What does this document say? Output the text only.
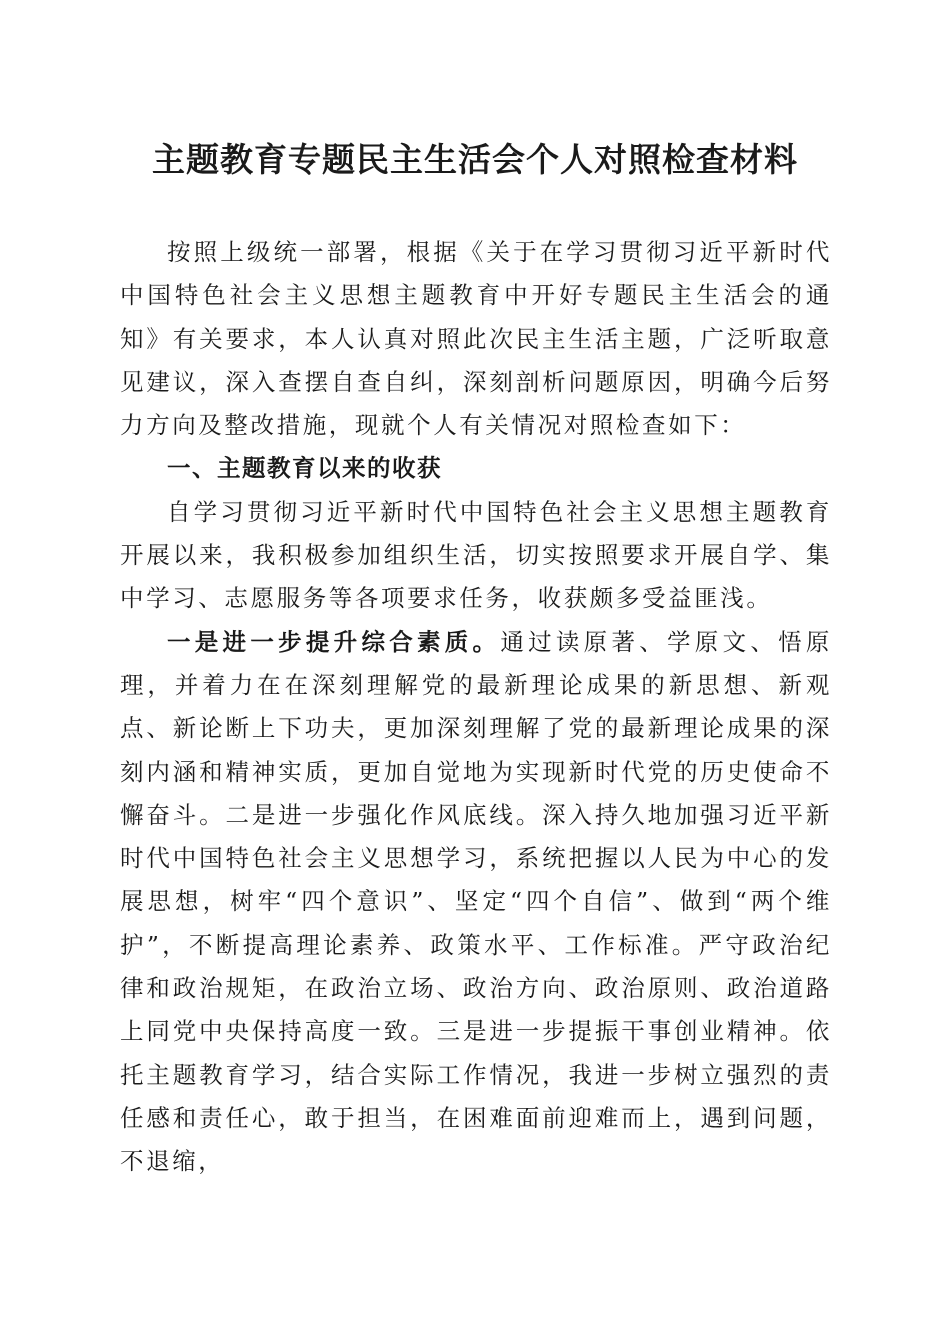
主题教育专题民主生活会个人对照检查材料

按照上级统一部署，根据《关于在学习贯彻习近平新时代中国特色社会主义思想主题教育中开好专题民主生活会的通知》有关要求，本人认真对照此次民主生活主题，广泛听取意见建议，深入查摆自查自纠，深刻剖析问题原因，明确今后努力方向及整改措施，现就个人有关情况对照检查如下：

一、主题教育以来的收获

自学习贯彻习近平新时代中国特色社会主义思想主题教育开展以来，我积极参加组织生活，切实按照要求开展自学、集中学习、志愿服务等各项要求任务，收获颇多受益匪浅。

一是进一步提升综合素质。通过读原著、学原文、悟原理，并着力在在深刻理解党的最新理论成果的新思想、新观点、新论断上下功夫，更加深刻理解了党的最新理论成果的深刻内涵和精神实质，更加自觉地为实现新时代党的历史使命不懈奋斗。二是进一步强化作风底线。深入持久地加强习近平新时代中国特色社会主义思想学习，系统把握以人民为中心的发展思想，树牢“四个意识”、坚定“四个自信”、做到“两个维护”，不断提高理论素养、政策水平、工作标准。严守政治纪律和政治规矩，在政治立场、政治方向、政治原则、政治道路上同党中央保持高度一致。三是进一步提振干事创业精神。依托主题教育学习，结合实际工作情况，我进一步树立强烈的责任感和责任心，敢于担当，在困难面前迎难而上，遇到问题，不退缩，
